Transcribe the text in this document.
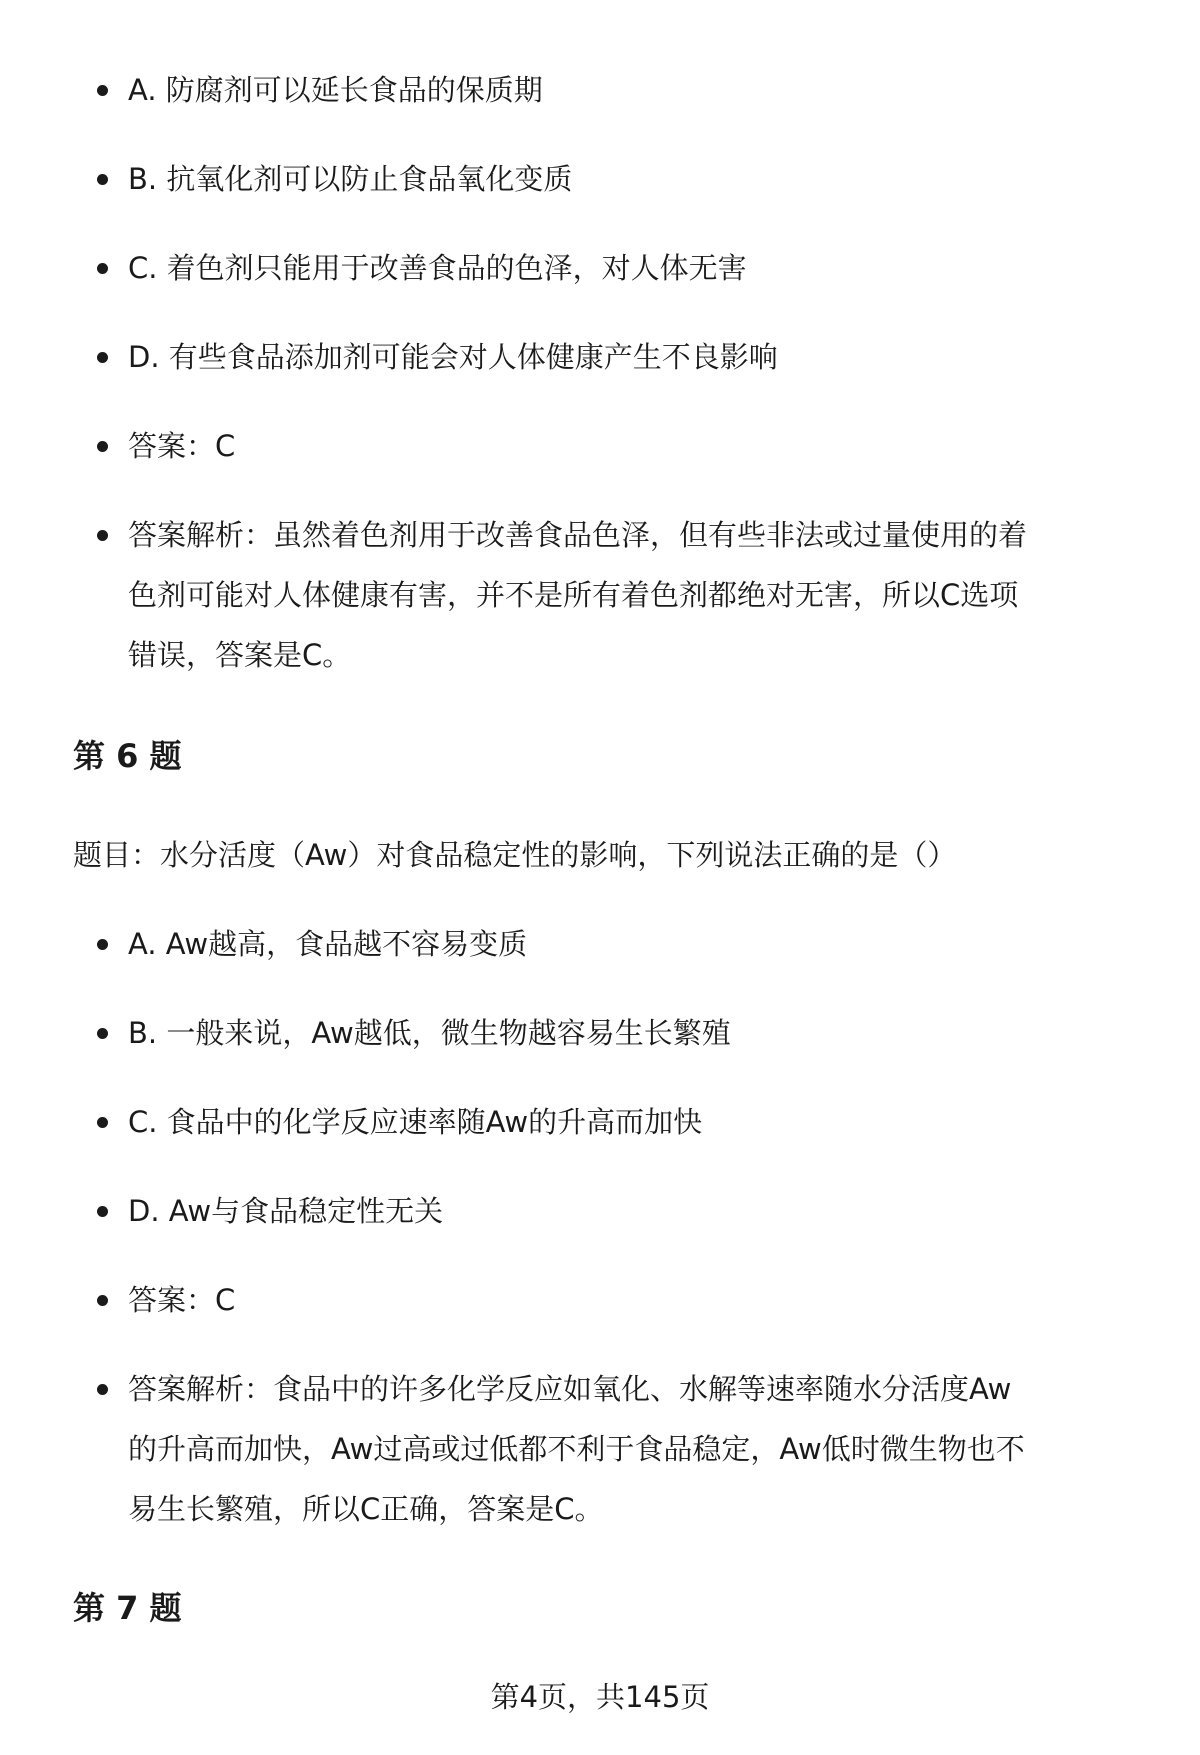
A. 防腐剂可以延长食品的保质期
B. 抗氧化剂可以防止食品氧化变质
C. 着色剂只能用于改善食品的色泽，对人体无害
D. 有些食品添加剂可能会对人体健康产生不良影响
答案：C
答案解析：虽然着色剂用于改善食品色泽，但有些非法或过量使用的着色剂可能对人体健康有害，并不是所有着色剂都绝对无害，所以C选项错误，答案是C。
第 6 题

题目：水分活度（Aw）对食品稳定性的影响，下列说法正确的是（）

A. Aw越高，食品越不容易变质
B. 一般来说，Aw越低，微生物越容易生长繁殖
C. 食品中的化学反应速率随Aw的升高而加快
D. Aw与食品稳定性无关
答案：C
答案解析：食品中的许多化学反应如氧化、水解等速率随水分活度Aw的升高而加快，Aw过高或过低都不利于食品稳定，Aw低时微生物也不易生长繁殖，所以C正确，答案是C。
第 7 题
第4页，共145页
